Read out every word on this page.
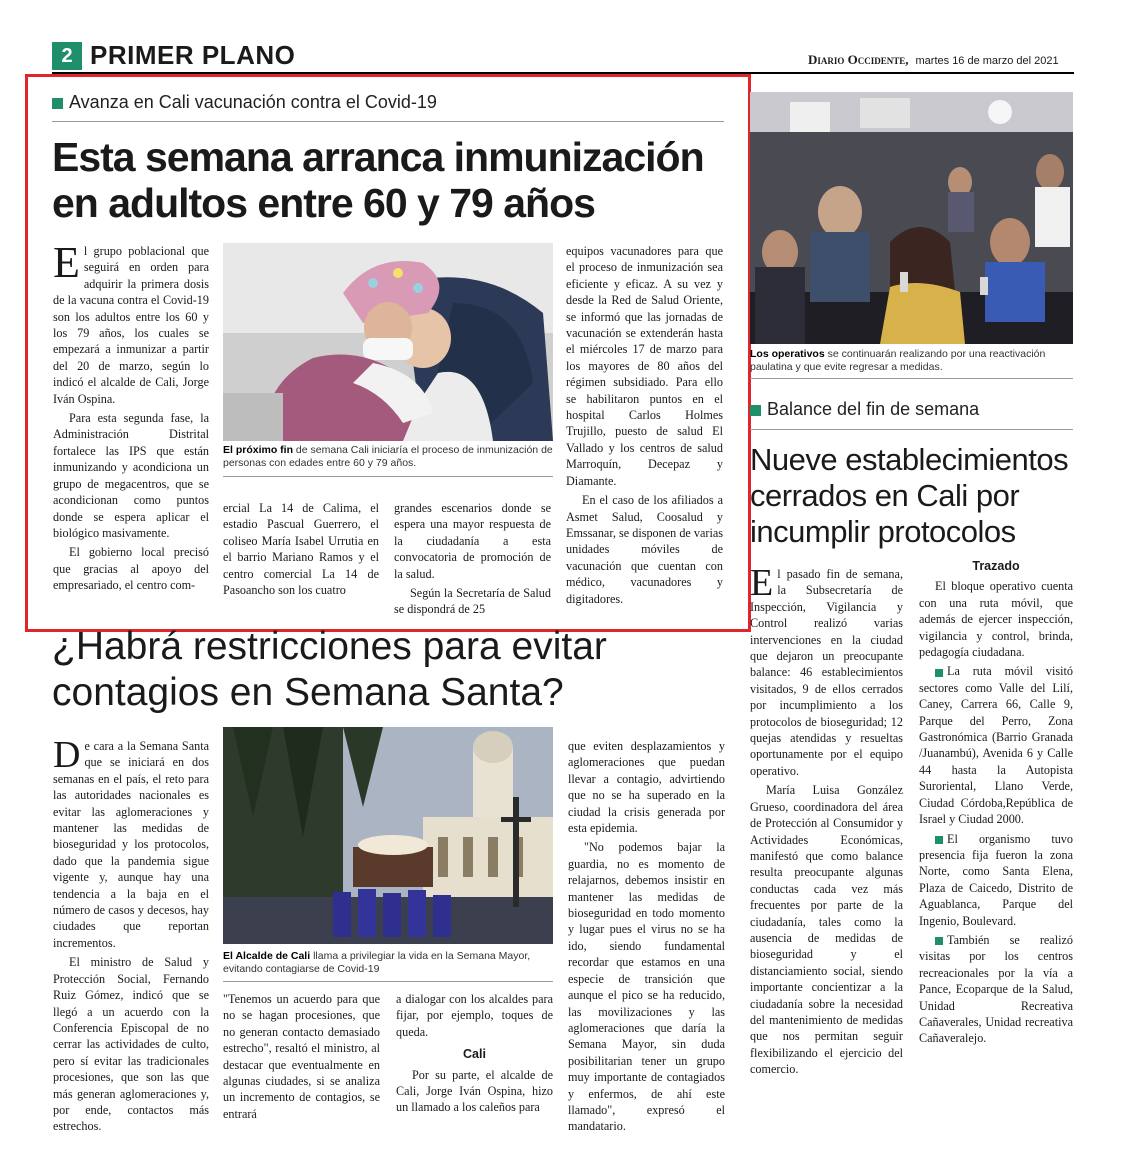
2 PRIMER PLANO	Diario Occidente, martes 16 de marzo del 2021
Avanza en Cali vacunación contra el Covid-19
Esta semana arranca inmunización en adultos entre 60 y 79 años

El grupo poblacional que seguirá en orden para adquirir la primera dosis de la vacuna contra el Covid-19 son los adultos entre los 60 y los 79 años, los cuales se empezará a inmunizar a partir del 20 de marzo, según lo indicó el alcalde de Cali, Jorge Iván Ospina.

Para esta segunda fase, la Administración Distrital fortalece las IPS que están inmunizando y acondiciona un grupo de megacentros, que se acondicionan como puntos donde se espera aplicar el biológico masivamente.

El gobierno local precisó que gracias al apoyo del empresariado, el centro com-

El próximo fin de semana Cali iniciaría el proceso de inmunización de personas con edades entre 60 y 79 años.
ercial La 14 de Calima, el estadio Pascual Guerrero, el coliseo María Isabel Urrutia en el barrio Mariano Ramos y el centro comercial La 14 de Pasoancho son los cuatro

grandes escenarios donde se espera una mayor respuesta de la ciudadanía a esta convocatoria de promoción de la salud.

Según la Secretaría de Salud se dispondrá de 25

equipos vacunadores para que el proceso de inmunización sea eficiente y eficaz. A su vez y desde la Red de Salud Oriente, se informó que las jornadas de vacunación se extenderán hasta el miércoles 17 de marzo para los mayores de 80 años del régimen subsidiado. Para ello se habilitaron puntos en el hospital Carlos Holmes Trujillo, puesto de salud El Vallado y los centros de salud Marroquín, Decepaz y Diamante.

En el caso de los afiliados a Asmet Salud, Coosalud y Emssanar, se disponen de varias unidades móviles de vacunación que cuentan con médico, vacunadores y digitadores.

Los operativos se continuarán realizando por una reactivación paulatina y que evite regresar a medidas.
Balance del fin de semana
Nueve establecimientos cerrados en Cali por incumplir protocolos

El pasado fin de semana, la Subsecretaría de Inspección, Vigilancia y Control realizó varias intervenciones en la ciudad que dejaron un preocupante balance: 46 establecimientos visitados, 9 de ellos cerrados por incumplimiento a los protocolos de bioseguridad; 12 quejas atendidas y resueltas oportunamente por el equipo operativo.

María Luisa González Grueso, coordinadora del área de Protección al Consumidor y Actividades Económicas, manifestó que como balance resulta preocupante algunas conductas cada vez más frecuentes por parte de la ciudadanía, tales como la ausencia de medidas de bioseguridad y el distanciamiento social, siendo importante concientizar a la ciudadanía sobre la necesidad del mantenimiento de medidas que nos permitan seguir flexibilizando el ejercicio del comercio.

Trazado

El bloque operativo cuenta con una ruta móvil, que además de ejercer inspección, vigilancia y control, brinda, pedagogía ciudadana.

La ruta móvil visitó sectores como Valle del Lilí, Caney, Carrera 66, Calle 9, Parque del Perro, Zona Gastronómica (Barrio Granada /Juanambú), Avenida 6 y Calle 44 hasta la Autopista Suroriental, Llano Verde, Ciudad Córdoba,República de Israel y Ciudad 2000.

El organismo tuvo presencia fija fueron la zona Norte, como Santa Elena, Plaza de Caicedo, Distrito de Aguablanca, Parque del Ingenio, Boulevard.

También se realizó visitas por los centros recreacionales por la vía a Pance, Ecoparque de la Salud, Unidad Recreativa Cañaverales, Unidad recreativa Cañaveralejo.

¿Habrá restricciones para evitar contagios en Semana Santa?

De cara a la Semana Santa que se iniciará en dos semanas en el país, el reto para las autoridades nacionales es evitar las aglomeraciones y mantener las medidas de bioseguridad y los protocolos, dado que la pandemia sigue vigente y, aunque hay una tendencia a la baja en el número de casos y decesos, hay ciudades que reportan incrementos.

El ministro de Salud y Protección Social, Fernando Ruiz Gómez, indicó que se llegó a un acuerdo con la Conferencia Episcopal de no cerrar las actividades de culto, pero sí evitar las tradicionales procesiones, que son las que más generan aglomeraciones y, por ende, contactos más estrechos.

El Alcalde de Cali llama a privilegiar la vida en la Semana Mayor, evitando contagiarse de Covid-19
"Tenemos un acuerdo para que no se hagan procesiones, que no generan contacto demasiado estrecho", resaltó el ministro, al destacar que eventualmente en algunas ciudades, si se analiza un incremento de contagios, se entrará

a dialogar con los alcaldes para fijar, por ejemplo, toques de queda.

Cali

Por su parte, el alcalde de Cali, Jorge Iván Ospina, hizo un llamado a los caleños para

que eviten desplazamientos y aglomeraciones que puedan llevar a contagio, advirtiendo que no se ha superado en la ciudad la crisis generada por esta epidemia.

"No podemos bajar la guardia, no es momento de relajarnos, debemos insistir en mantener las medidas de bioseguridad en todo momento y lugar pues el virus no se ha ido, siendo fundamental recordar que estamos en una especie de transición que aunque el pico se ha reducido, las movilizaciones y las aglomeraciones que daría la Semana Mayor, sin duda posibilitarian tener un grupo muy importante de contagiados y enfermos, de ahí este llamado", expresó el mandatario.
